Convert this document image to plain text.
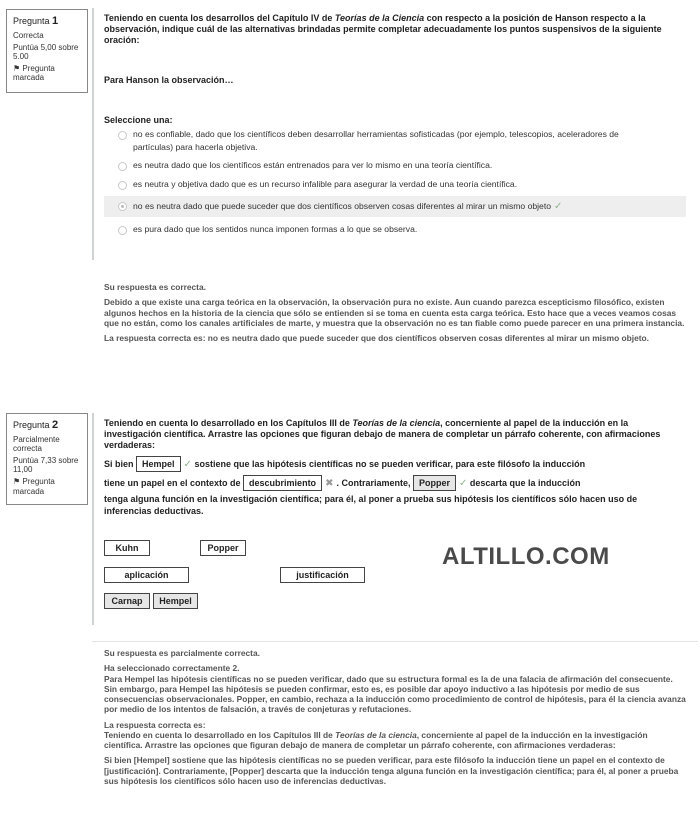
Pregunta 1
Correcta
Puntúa 5,00 sobre 5.00
⚑ Pregunta marcada
Teniendo en cuenta los desarrollos del Capítulo IV de Teorías de la Ciencia con respecto a la posición de Hanson respecto a la observación, indique cuál de las alternativas brindadas permite completar adecuadamente los puntos suspensivos de la siguiente oración:
Para Hanson la observación…
Seleccione una:
no es confiable, dado que los científicos deben desarrollar herramientas sofisticadas (por ejemplo, telescopios, aceleradores de partículas) para hacerla objetiva.
es neutra dado que los científicos están entrenados para ver lo mismo en una teoría científica.
es neutra y objetiva dado que es un recurso infalible para asegurar la verdad de una teoría científica.
no es neutra dado que puede suceder que dos científicos observen cosas diferentes al mirar un mismo objeto ✓
es pura dado que los sentidos nunca imponen formas a lo que se observa.

Su respuesta es correcta.

Debido a que existe una carga teórica en la observación, la observación pura no existe. Aun cuando parezca escepticismo filosófico, existen algunos hechos en la historia de la ciencia que sólo se entienden si se toma en cuenta esta carga teórica. Esto hace que a veces veamos cosas que no están, como los canales artificiales de marte, y muestra que la observación no es tan fiable como puede parecer en una primera instancia.

La respuesta correcta es: no es neutra dado que puede suceder que dos científicos observen cosas diferentes al mirar un mismo objeto.

Pregunta 2
Parcialmente correcta
Puntúa 7,33 sobre 11,00
⚑ Pregunta marcada
Teniendo en cuenta lo desarrollado en los Capítulos III de Teorías de la ciencia, concerniente al papel de la inducción en la investigación científica. Arrastre las opciones que figuran debajo de manera de completar un párrafo coherente, con afirmaciones verdaderas:
Si bien Hempel ✓ sostiene que las hipótesis científicas no se pueden verificar, para este filósofo la inducción
tiene un papel en el contexto de descubrimiento ✖ . Contrariamente, Popper ✓ descarta que la inducción
tenga alguna función en la investigación científica; para él, al poner a prueba sus hipótesis los científicos sólo hacen uso de inferencias deductivas.
Kuhn	Popper
aplicación	justificación
Carnap	Hempel
ALTILLO.COM

Su respuesta es parcialmente correcta.

Ha seleccionado correctamente 2.

Para Hempel las hipótesis científicas no se pueden verificar, dado que su estructura formal es la de una falacia de afirmación del consecuente. Sin embargo, para Hempel las hipótesis se pueden confirmar, esto es, es posible dar apoyo inductivo a las hipótesis por medio de sus consecuencias observacionales. Popper, en cambio, rechaza a la inducción como procedimiento de control de hipótesis, para él la ciencia avanza por medio de los intentos de falsación, a través de conjeturas y refutaciones.

La respuesta correcta es:

Teniendo en cuenta lo desarrollado en los Capítulos III de Teorías de la ciencia, concerniente al papel de la inducción en la investigación científica. Arrastre las opciones que figuran debajo de manera de completar un párrafo coherente, con afirmaciones verdaderas:

Si bien [Hempel] sostiene que las hipótesis científicas no se pueden verificar, para este filósofo la inducción tiene un papel en el contexto de [justificación]. Contrariamente, [Popper] descarta que la inducción tenga alguna función en la investigación científica; para él, al poner a prueba sus hipótesis los científicos sólo hacen uso de inferencias deductivas.
